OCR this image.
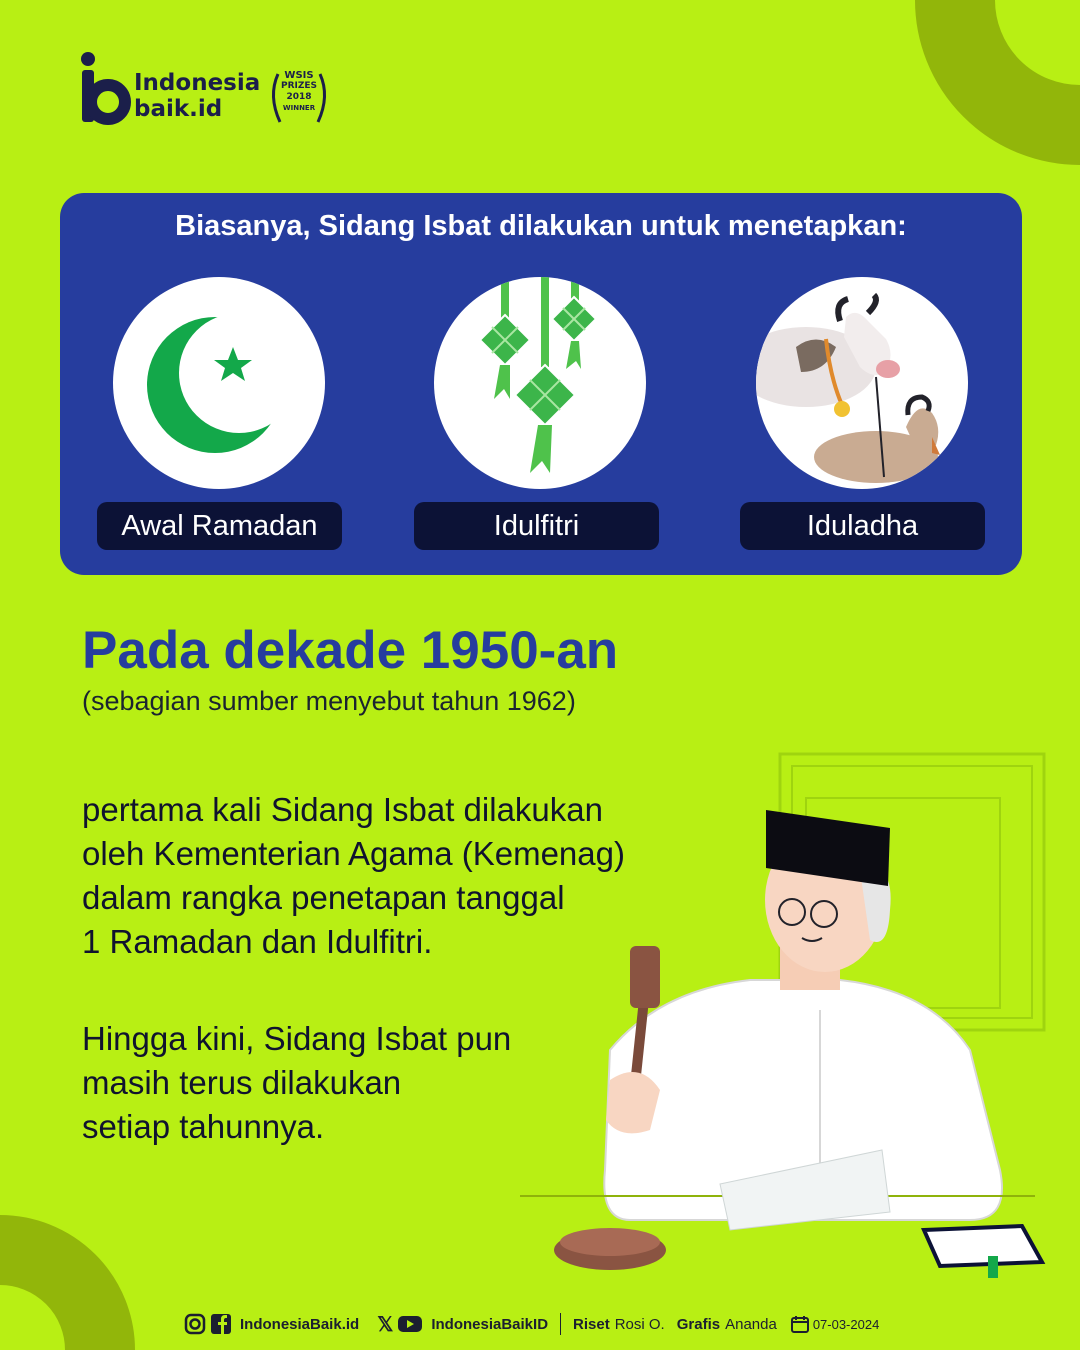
Indonesia
baik.id
WSIS
PRIZES
2018
WINNER
Biasanya, Sidang Isbat dilakukan untuk menetapkan:
Awal Ramadan	Idulfitri	Iduladha
Pada dekade 1950-an
(sebagian sumber menyebut tahun 1962)
pertama kali Sidang Isbat dilakukan
oleh Kementerian Agama (Kemenag)
dalam rangka penetapan tanggal
1 Ramadan dan Idulfitri.
Hingga kini, Sidang Isbat pun
masih terus dilakukan
setiap tahunnya.
IndonesiaBaik.id 𝕏	IndonesiaBaikID Riset Rosi O. Grafis Ananda	07-03-2024
